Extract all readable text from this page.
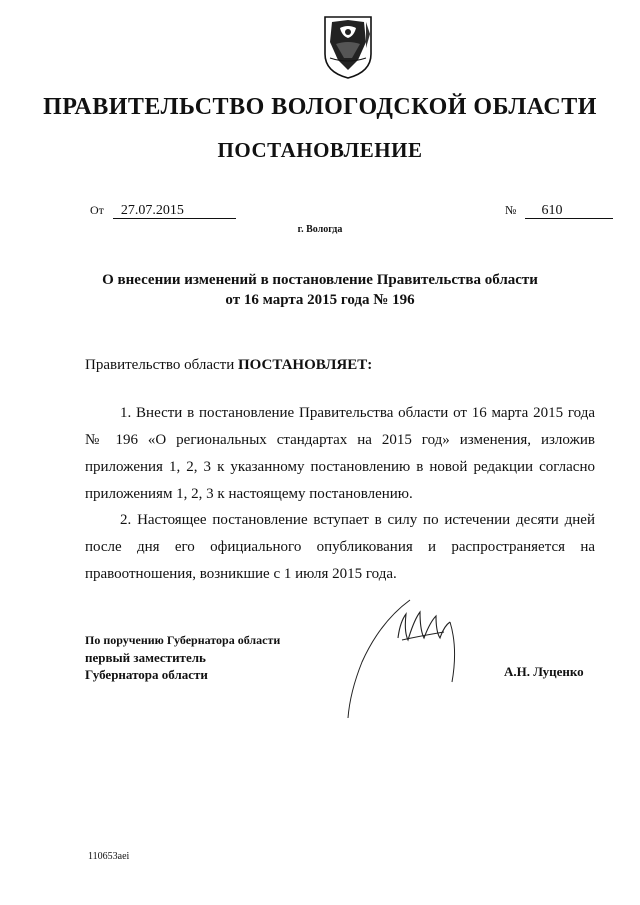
ПРАВИТЕЛЬСТВО ВОЛОГОДСКОЙ ОБЛАСТИ
ПОСТАНОВЛЕНИЕ
От 27.07.2015	№ 610
г. Вологда
О внесении изменений в постановление Правительства области
от 16 марта 2015 года № 196
Правительство области ПОСТАНОВЛЯЕТ:
1. Внести в постановление Правительства области от 16 марта 2015 года № 196 «О региональных стандартах на 2015 год» изменения, изложив приложения 1, 2, 3 к указанному постановлению в новой редакции согласно приложениям 1, 2, 3 к настоящему постановлению.
2. Настоящее постановление вступает в силу по истечении десяти дней после дня его официального опубликования и распространяется на правоотношения, возникшие с 1 июля 2015 года.
По поручению Губернатора области
первый заместитель
Губернатора области	А.Н. Луценко
110653aei
